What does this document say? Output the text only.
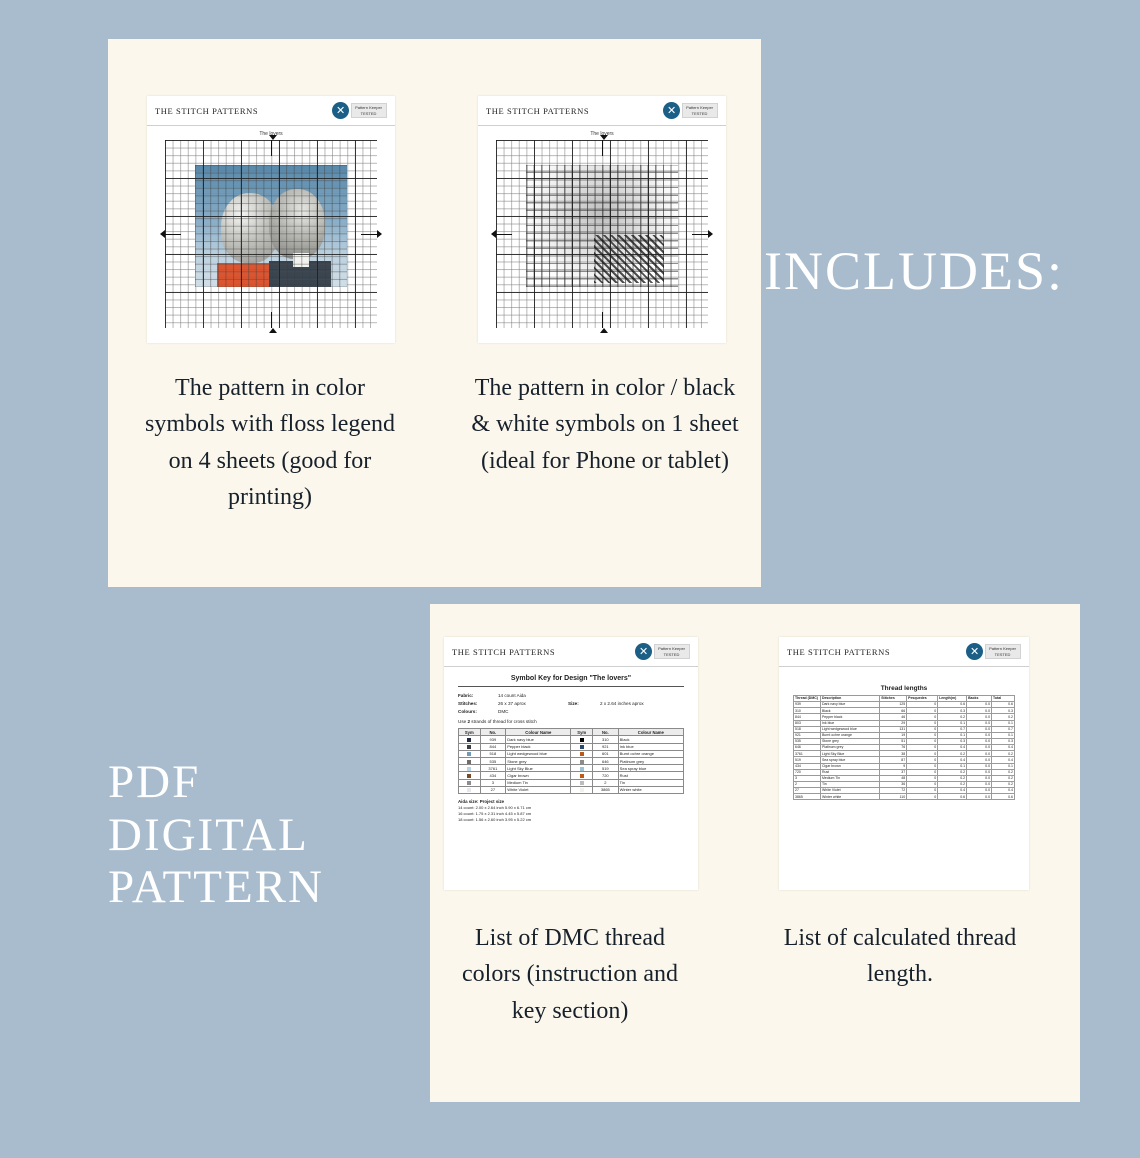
INCLUDES:
THE STITCH PATTERNS	✕	Pattern Keeper
TESTED
The lovers
The pattern in color symbols with floss legend on 4 sheets (good for printing)
THE STITCH PATTERNS	✕	Pattern Keeper
TESTED
The lovers
The pattern in color / black & white symbols on 1 sheet (ideal for Phone or tablet)
PDF
DIGITAL
PATTERN
THE STITCH PATTERNS	✕	Pattern Keeper
TESTED
Symbol Key for Design "The lovers"
Fabric:	14 count Aida
Stitches:	26 x 37 aprox	Size:	2 x 2.64 inches aprox
Colours:	DMC
Use 2 strands of thread for cross stitch
Sym	No.	Colour Name	Sym	No.	Colour Name
	939	Dark navy blue		310	Black
	844	Pepper black		921	Ink blue
	518	Light wedgewood blue		601	Burnt ochre orange
	535	Stone grey		646	Platinum grey
	3761	Light Sky Blue		519	Sea spray blue
	434	Cigar brown		720	Rust
	3	Medium Tin		2	Tin
	27	White Violet		3865	Winter white
Aida size: Project size
14 count: 2.00 x 2.64 inch 5.90 x 6.71 cm
16 count: 1.75 x 2.31 inch 4.45 x 5.87 cm
18 count: 1.56 x 2.60 inch 3.95 x 5.22 cm
List of DMC thread colors (instruction and key section)
THE STITCH PATTERNS	✕	Pattern Keeper
TESTED
Thread lengths
Thread (DMC)	Description	Stitches	Pesquedes	Length(m)	Backs	Total
939	Dark navy blue	125	0	0.6	0.0	0.6
310	Black	66	0	0.3	0.0	0.3
844	Pepper black	46	0	0.2	0.0	0.2
803	Ink blue	29	0	0.1	0.0	0.1
518	Light wedgewood blue	131	0	0.7	0.0	0.7
921	Burnt ochre orange	19	0	0.1	0.0	0.1
535	Stone grey	51	0	0.3	0.0	0.3
646	Platinum grey	76	0	0.4	0.0	0.4
3761	Light Sky Blue	38	0	0.2	0.0	0.2
519	Sea spray blue	87	0	0.4	0.0	0.4
434	Cigar brown	9	0	0.1	0.0	0.1
720	Rust	37	0	0.2	0.0	0.2
3	Medium Tin	48	0	0.2	0.0	0.2
2	Tin	36	0	0.2	0.0	0.2
27	White Violet	72	0	0.4	0.0	0.4
3865	Winter white	110	0	0.6	0.0	0.6
List of calculated thread length.
